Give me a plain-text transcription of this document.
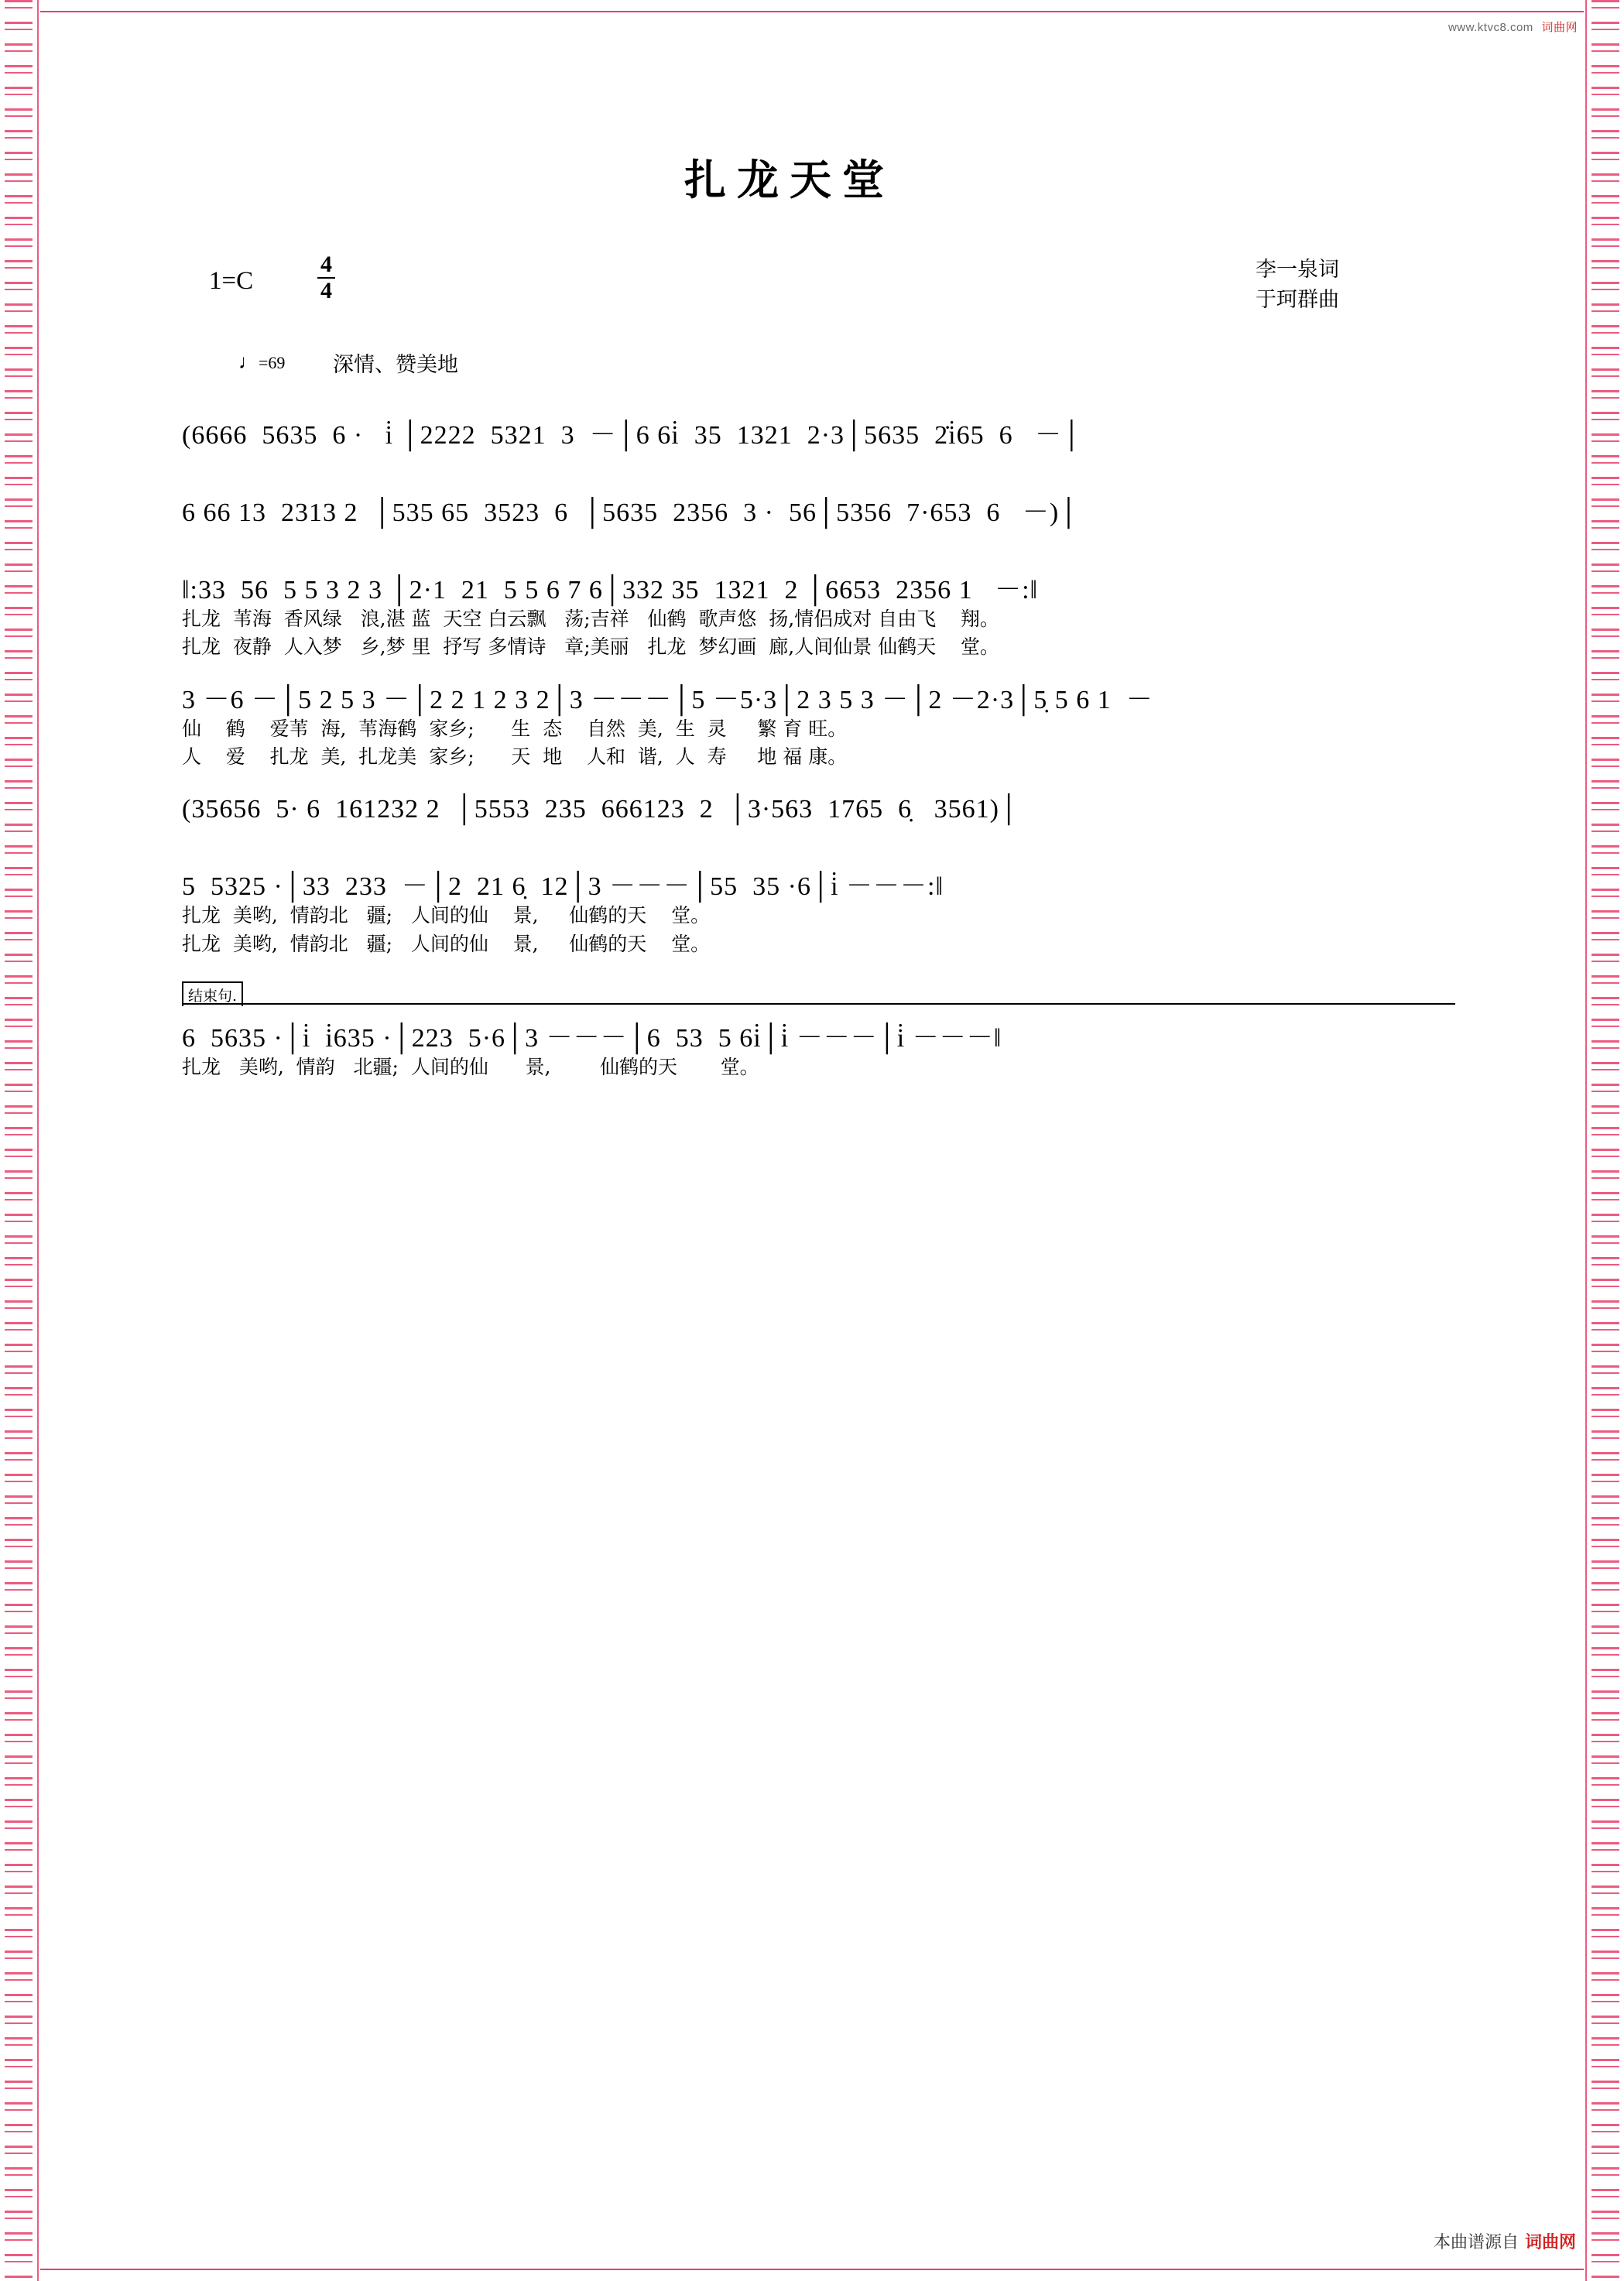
www.ktvc8.com 词曲网
扎龙天堂
1=C	$\frac{4}{4}$	李一泉词
于珂群曲
♩=69 深情、赞美地
(6666  5635  6 ·   i̇ │2222  5321  3  －│6 6i̇  35  1321  2·3│5635  2̇i̇65  6   －│
6 66 13  2313 2  │535 65  3523  6  │5635  2356  3 ·  56│5356  7·653  6   －)│
‖:33  56  5 5 3 2 3 │2·1  21  5 5 6 7 6│332 35  1321  2 │6653  2356 1   －:‖
扎龙  苇海  香风绿   浪,湛 蓝  天空 白云飘   荡;吉祥   仙鹤  歌声悠  扬,情侣成对 自由飞    翔。
扎龙  夜静  人入梦   乡,梦 里  抒写 多情诗   章;美丽   扎龙  梦幻画  廊,人间仙景 仙鹤天    堂。
3 －6 －│5 2 5 3 －│2 2 1 2 3 2│3 －－－│5 －5·3│2 3 5 3 －│2 －2·3│5̣ 5 6 1  －
仙    鹤    爱苇  海,  苇海鹤  家乡;      生  态    自然  美,  生  灵     繁 育 旺。
人    爱    扎龙  美,  扎龙美  家乡;      天  地    人和  谐,  人  寿     地 福 康。
(35656  5· 6  161232 2  │5553  235  666123  2  │3·563  1765  6̣   3561)│
5  5325 ·│33  233  －│2  21 6̣  12│3 －－－│55  35 ·6│i̇ －－－:‖
扎龙  美哟,  情韵北   疆;   人间的仙    景,     仙鹤的天    堂。
扎龙  美哟,  情韵北   疆;   人间的仙    景,     仙鹤的天    堂。
结束句.
6  5635 ·│i̇  i̇635 ·│223  5·6│3 －－－│6  53  5 6i̇│i̇ －－－│i̇ －－－‖
扎龙   美哟,  情韵   北疆;  人间的仙      景,        仙鹤的天       堂。
本曲谱源自 词曲网
